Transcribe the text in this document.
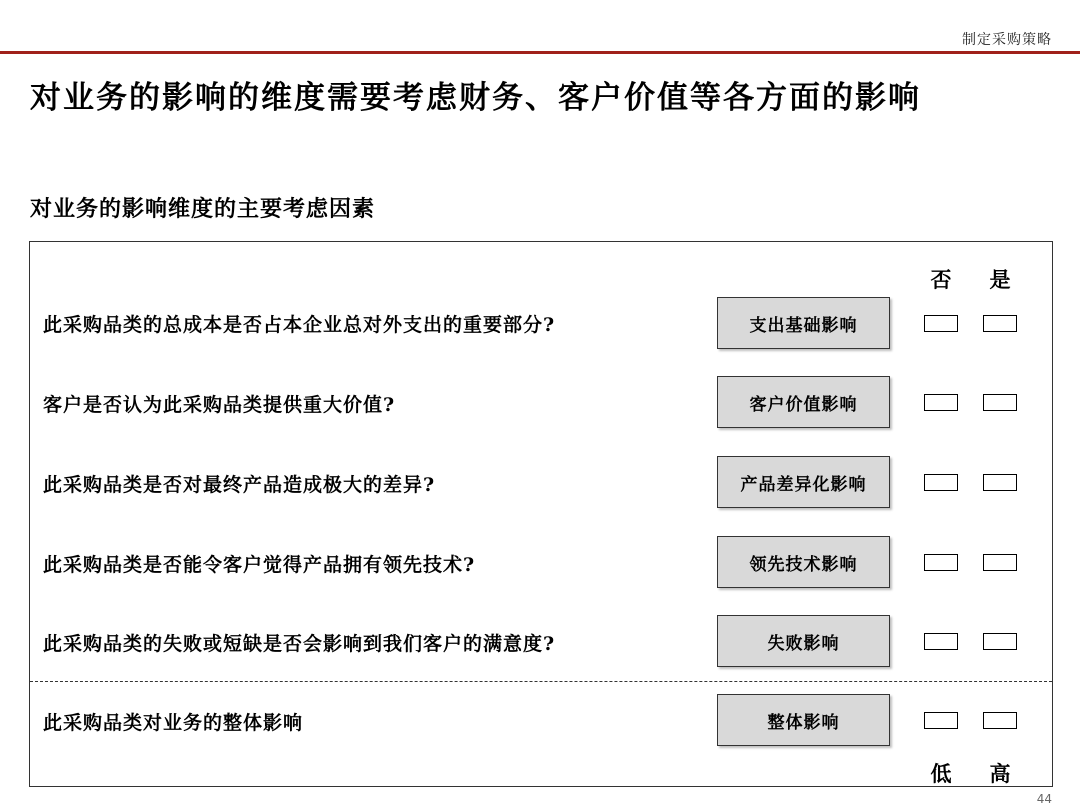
制定采购策略
对业务的影响的维度需要考虑财务、客户价值等各方面的影响
对业务的影响维度的主要考虑因素
否	是
此采购品类的总成本是否占本企业总对外支出的重要部分?	支出基础影响
客户是否认为此采购品类提供重大价值?	客户价值影响
此采购品类是否对最终产品造成极大的差异?	产品差异化影响
此采购品类是否能令客户觉得产品拥有领先技术?	领先技术影响
此采购品类的失败或短缺是否会影响到我们客户的满意度?	失败影响
此采购品类对业务的整体影响	整体影响
低	高
44
